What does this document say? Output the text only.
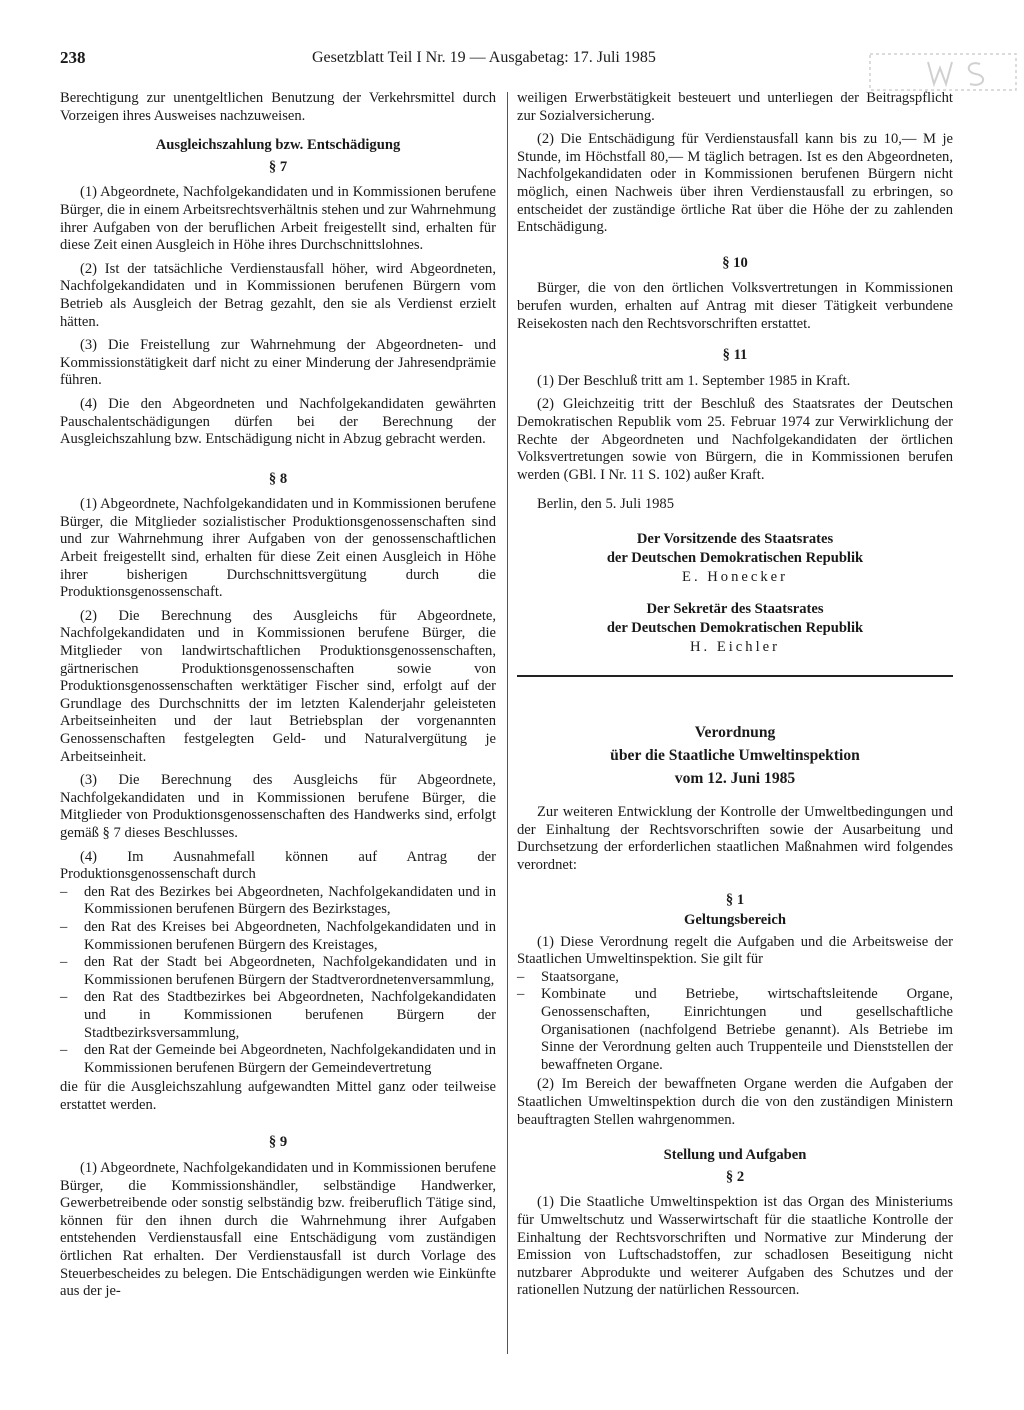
238	Gesetzblatt Teil I Nr. 19 — Ausgabetag: 17. Juli 1985

Berechtigung zur unentgeltlichen Benutzung der Verkehrsmittel durch Vorzeigen ihres Ausweises nachzuweisen.

Ausgleichszahlung bzw. Entschädigung
§ 7

(1) Abgeordnete, Nachfolgekandidaten und in Kommissionen berufene Bürger, die in einem Arbeitsrechtsverhältnis stehen und zur Wahrnehmung ihrer Aufgaben von der beruflichen Arbeit freigestellt sind, erhalten für diese Zeit einen Ausgleich in Höhe ihres Durchschnittslohnes.

(2) Ist der tatsächliche Verdienstausfall höher, wird Abgeordneten, Nachfolgekandidaten und in Kommissionen berufenen Bürgern vom Betrieb als Ausgleich der Betrag gezahlt, den sie als Verdienst erzielt hätten.

(3) Die Freistellung zur Wahrnehmung der Abgeordneten- und Kommissionstätigkeit darf nicht zu einer Minderung der Jahresendprämie führen.

(4) Die den Abgeordneten und Nachfolgekandidaten gewährten Pauschalentschädigungen dürfen bei der Berechnung der Ausgleichszahlung bzw. Entschädigung nicht in Abzug gebracht werden.

§ 8

(1) Abgeordnete, Nachfolgekandidaten und in Kommissionen berufene Bürger, die Mitglieder sozialistischer Produktionsgenossenschaften sind und zur Wahrnehmung ihrer Aufgaben von der genossenschaftlichen Arbeit freigestellt sind, erhalten für diese Zeit einen Ausgleich in Höhe ihrer bisherigen Durchschnittsvergütung durch die Produktionsgenossenschaft.

(2) Die Berechnung des Ausgleichs für Abgeordnete, Nachfolgekandidaten und in Kommissionen berufene Bürger, die Mitglieder von landwirtschaftlichen Produktionsgenossenschaften, gärtnerischen Produktionsgenossenschaften sowie von Produktionsgenossenschaften werktätiger Fischer sind, erfolgt auf der Grundlage des Durchschnitts der im letzten Kalenderjahr geleisteten Arbeitseinheiten und der laut Betriebsplan der vorgenannten Genossenschaften festgelegten Geld- und Naturalvergütung je Arbeitseinheit.

(3) Die Berechnung des Ausgleichs für Abgeordnete, Nachfolgekandidaten und in Kommissionen berufene Bürger, die Mitglieder von Produktionsgenossenschaften des Handwerks sind, erfolgt gemäß § 7 dieses Beschlusses.

(4) Im Ausnahmefall können auf Antrag der Produktionsgenossenschaft durch

– den Rat des Bezirkes bei Abgeordneten, Nachfolgekandidaten und in Kommissionen berufenen Bürgern des Bezirkstages,
– den Rat des Kreises bei Abgeordneten, Nachfolgekandidaten und in Kommissionen berufenen Bürgern des Kreistages,
– den Rat der Stadt bei Abgeordneten, Nachfolgekandidaten und in Kommissionen berufenen Bürgern der Stadtverordnetenversammlung,
– den Rat des Stadtbezirkes bei Abgeordneten, Nachfolgekandidaten und in Kommissionen berufenen Bürgern der Stadtbezirksversammlung,
– den Rat der Gemeinde bei Abgeordneten, Nachfolgekandidaten und in Kommissionen berufenen Bürgern der Gemeindevertretung

die für die Ausgleichszahlung aufgewandten Mittel ganz oder teilweise erstattet werden.

§ 9

(1) Abgeordnete, Nachfolgekandidaten und in Kommissionen berufene Bürger, die Kommissionshändler, selbständige Handwerker, Gewerbetreibende oder sonstig selbständig bzw. freiberuflich Tätige sind, können für den ihnen durch die Wahrnehmung ihrer Aufgaben entstehenden Verdienstausfall eine Entschädigung vom zuständigen örtlichen Rat erhalten. Der Verdienstausfall ist durch Vorlage des Steuerbescheides zu belegen. Die Entschädigungen werden wie Einkünfte aus der je-

weiligen Erwerbstätigkeit besteuert und unterliegen der Beitragspflicht zur Sozialversicherung.

(2) Die Entschädigung für Verdienstausfall kann bis zu 10,— M je Stunde, im Höchstfall 80,— M täglich betragen. Ist es den Abgeordneten, Nachfolgekandidaten oder in Kommissionen berufenen Bürgern nicht möglich, einen Nachweis über ihren Verdienstausfall zu erbringen, so entscheidet der zuständige örtliche Rat über die Höhe der zu zahlenden Entschädigung.

§ 10

Bürger, die von den örtlichen Volksvertretungen in Kommissionen berufen wurden, erhalten auf Antrag mit dieser Tätigkeit verbundene Reisekosten nach den Rechtsvorschriften erstattet.

§ 11

(1) Der Beschluß tritt am 1. September 1985 in Kraft.

(2) Gleichzeitig tritt der Beschluß des Staatsrates der Deutschen Demokratischen Republik vom 25. Februar 1974 zur Verwirklichung der Rechte der Abgeordneten und Nachfolgekandidaten der örtlichen Volksvertretungen sowie von Bürgern, die in Kommissionen berufen werden (GBl. I Nr. 11 S. 102) außer Kraft.

Berlin, den 5. Juli 1985

Der Vorsitzende des Staatsrates
der Deutschen Demokratischen Republik
E. Honecker
Der Sekretär des Staatsrates
der Deutschen Demokratischen Republik
H. Eichler
Verordnung
über die Staatliche Umweltinspektion
vom 12. Juni 1985

Zur weiteren Entwicklung der Kontrolle der Umweltbedingungen und der Einhaltung der Rechtsvorschriften sowie der Ausarbeitung und Durchsetzung der erforderlichen staatlichen Maßnahmen wird folgendes verordnet:

§ 1
Geltungsbereich

(1) Diese Verordnung regelt die Aufgaben und die Arbeitsweise der Staatlichen Umweltinspektion. Sie gilt für

– Staatsorgane,
– Kombinate und Betriebe, wirtschaftsleitende Organe, Genossenschaften, Einrichtungen und gesellschaftliche Organisationen (nachfolgend Betriebe genannt). Als Betriebe im Sinne der Verordnung gelten auch Truppenteile und Dienststellen der bewaffneten Organe.

(2) Im Bereich der bewaffneten Organe werden die Aufgaben der Staatlichen Umweltinspektion durch die von den zuständigen Ministern beauftragten Stellen wahrgenommen.

Stellung und Aufgaben
§ 2

(1) Die Staatliche Umweltinspektion ist das Organ des Ministeriums für Umweltschutz und Wasserwirtschaft für die staatliche Kontrolle der Einhaltung der Rechtsvorschriften und Normative zur Minderung der Emission von Luftschadstoffen, zur schadlosen Beseitigung nicht nutzbarer Abprodukte und weiterer Aufgaben des Schutzes und der rationellen Nutzung der natürlichen Ressourcen.
